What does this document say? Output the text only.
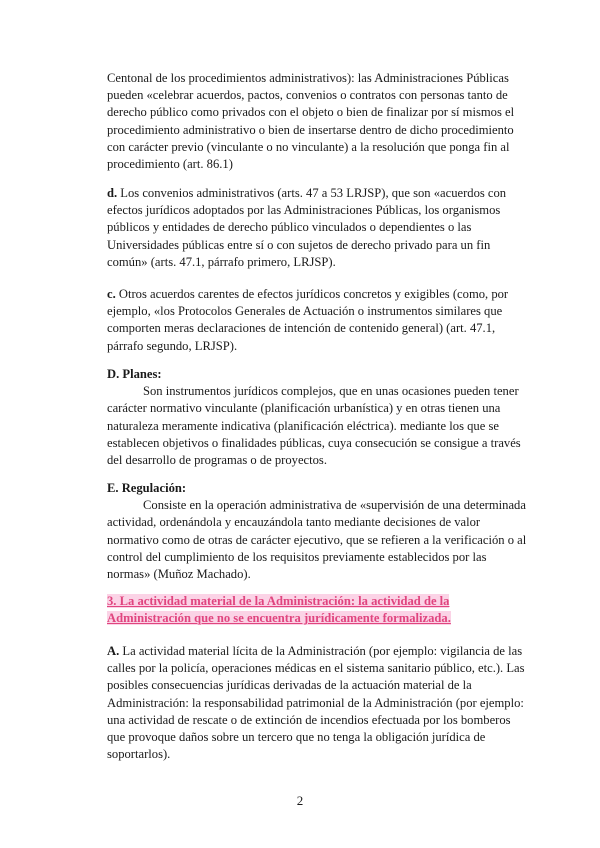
Centonal de los procedimientos administrativos): las Administraciones Públicas pueden «celebrar acuerdos, pactos, convenios o contratos con personas tanto de derecho público como privados con el objeto o bien de finalizar por sí mismos el procedimiento administrativo o bien de insertarse dentro de dicho procedimiento con carácter previo (vinculante o no vinculante) a la resolución que ponga fin al procedimiento (art. 86.1)

d. Los convenios administrativos (arts. 47 a 53 LRJSP), que son «acuerdos con efectos jurídicos adoptados por las Administraciones Públicas, los organismos públicos y entidades de derecho público vinculados o dependientes o las Universidades públicas entre sí o con sujetos de derecho privado para un fin común» (arts. 47.1, párrafo primero, LRJSP).

c. Otros acuerdos carentes de efectos jurídicos concretos y exigibles (como, por ejemplo, «los Protocolos Generales de Actuación o instrumentos similares que comporten meras declaraciones de intención de contenido general) (art. 47.1, párrafo segundo, LRJSP).

D. Planes:

Son instrumentos jurídicos complejos, que en unas ocasiones pueden tener carácter normativo vinculante (planificación urbanística) y en otras tienen una naturaleza meramente indicativa (planificación eléctrica). mediante los que se establecen objetivos o finalidades públicas, cuya consecución se consigue a través del desarrollo de programas o de proyectos.

E. Regulación:

Consiste en la operación administrativa de «supervisión de una determinada actividad, ordenándola y encauzándola tanto mediante decisiones de valor normativo como de otras de carácter ejecutivo, que se refieren a la verificación o al control del cumplimiento de los requisitos previamente establecidos por las normas» (Muñoz Machado).

3. La actividad material de la Administración: la actividad de la Administración que no se encuentra jurídicamente formalizada.

A. La actividad material lícita de la Administración (por ejemplo: vigilancia de las calles por la policía, operaciones médicas en el sistema sanitario público, etc.). Las posibles consecuencias jurídicas derivadas de la actuación material de la Administración: la responsabilidad patrimonial de la Administración (por ejemplo: una actividad de rescate o de extinción de incendios efectuada por los bomberos que provoque daños sobre un tercero que no tenga la obligación jurídica de soportarlos).

2
